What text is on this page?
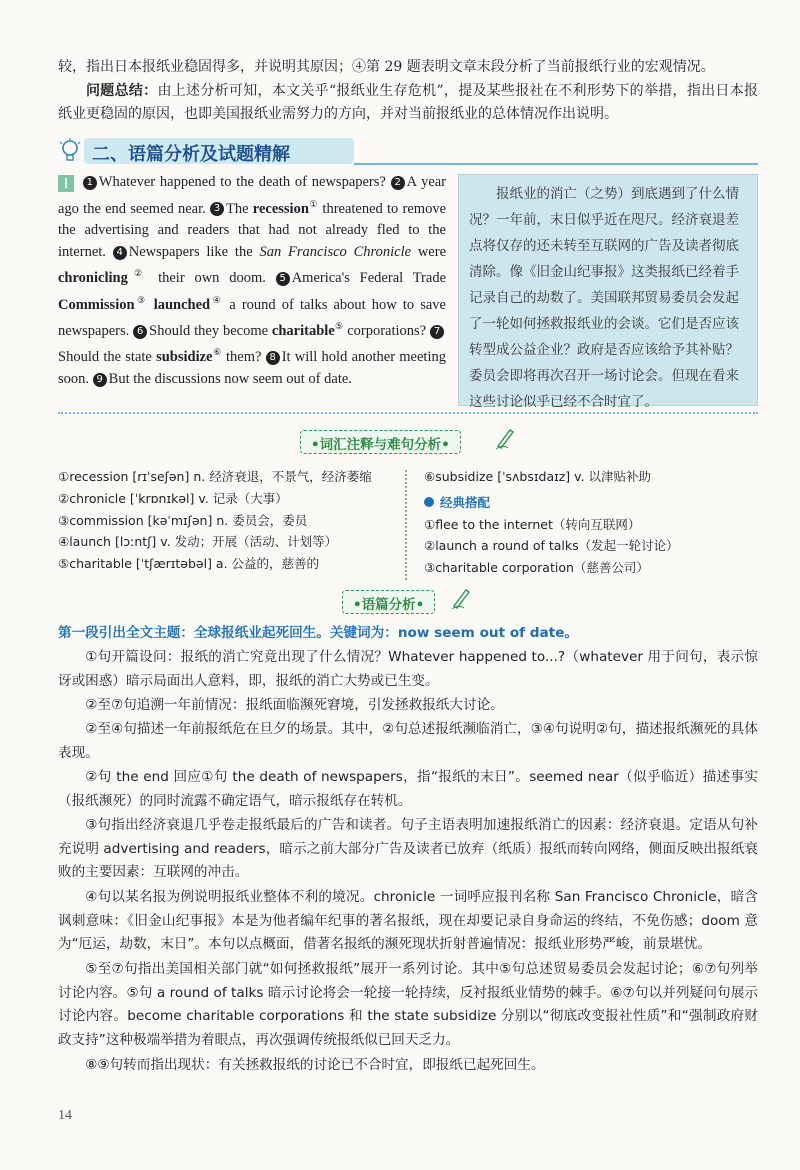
较，指出日本报纸业稳固得多，并说明其原因；④第 29 题表明文章末段分析了当前报纸行业的宏观情况。
问题总结：由上述分析可知，本文关乎“报纸业生存危机”，提及某些报社在不利形势下的举措，指出日本报纸业更稳固的原因，也即美国报纸业需努力的方向，并对当前报纸业的总体情况作出说明。
二、语篇分析及试题精解
Ⅰ 1 Whatever happened to the death of newspapers? 2 A year ago the end seemed near. 3 The recession① threatened to remove the advertising and readers that had not already fled to the internet. 4 Newspapers like the San Francisco Chronicle were chronicling② their own doom. 5 America's Federal Trade Commission③ launched④ a round of talks about how to save newspapers. 6 Should they become charitable⑤ corporations? 7Should the state subsidize⑥ them? 8 It will hold another meeting soon. 9 But the discussions now seem out of date.
报纸业的消亡（之势）到底遇到了什么情况？一年前，末日似乎近在咫尺。经济衰退差点将仅存的还未转至互联网的广告及读者彻底清除。像《旧金山纪事报》这类报纸已经着手记录自己的劫数了。美国联邦贸易委员会发起了一轮如何拯救报纸业的会谈。它们是否应该转型成公益企业？政府是否应该给予其补贴？委员会即将再次召开一场讨论会。但现在看来这些讨论似乎已经不合时宜了。
•词汇注释与难句分析•
①recession [rɪˈseʃən] n. 经济衰退，不景气，经济萎缩
②chronicle [ˈkrɒnɪkəl] v. 记录（大事）
③commission [kəˈmɪʃən] n. 委员会，委员
④launch [lɔːntʃ] v. 发动；开展（活动、计划等）
⑤charitable [ˈtʃærɪtəbəl] a. 公益的，慈善的
⑥subsidize [ˈsʌbsɪdaɪz] v. 以津贴补助
经典搭配
①flee to the internet（转向互联网）
②launch a round of talks（发起一轮讨论）
③charitable corporation（慈善公司）
•语篇分析•
第一段引出全文主题：全球报纸业起死回生。关键词为：now seem out of date。
①句开篇设问：报纸的消亡究竟出现了什么情况？Whatever happened to...?（whatever 用于问句，表示惊讶或困惑）暗示局面出人意料，即，报纸的消亡大势或已生变。
②至⑦句追溯一年前情况：报纸面临濒死窘境，引发拯救报纸大讨论。
②至④句描述一年前报纸危在旦夕的场景。其中，②句总述报纸濒临消亡，③④句说明②句，描述报纸濒死的具体表现。
②句 the end 回应①句 the death of newspapers，指“报纸的末日”。seemed near（似乎临近）描述事实（报纸濒死）的同时流露不确定语气，暗示报纸存在转机。
③句指出经济衰退几乎卷走报纸最后的广告和读者。句子主语表明加速报纸消亡的因素：经济衰退。定语从句补充说明 advertising and readers，暗示之前大部分广告及读者已放弃（纸质）报纸而转向网络，侧面反映出报纸衰败的主要因素：互联网的冲击。
④句以某名报为例说明报纸业整体不利的境况。chronicle 一词呼应报刊名称 San Francisco Chronicle，暗含讽刺意味：《旧金山纪事报》本是为他者编年纪事的著名报纸，现在却要记录自身命运的终结，不免伤感；doom 意为“厄运，劫数，末日”。本句以点概面，借著名报纸的濒死现状折射普遍情况：报纸业形势严峻，前景堪忧。
⑤至⑦句指出美国相关部门就“如何拯救报纸”展开一系列讨论。其中⑤句总述贸易委员会发起讨论；⑥⑦句列举讨论内容。⑤句 a round of talks 暗示讨论将会一轮接一轮持续，反衬报纸业情势的棘手。⑥⑦句以并列疑问句展示讨论内容。become charitable corporations 和 the state subsidize 分别以“彻底改变报社性质”和“强制政府财政支持”这种极端举措为着眼点，再次强调传统报纸似已回天乏力。
⑧⑨句转而指出现状：有关拯救报纸的讨论已不合时宜，即报纸已起死回生。
14
